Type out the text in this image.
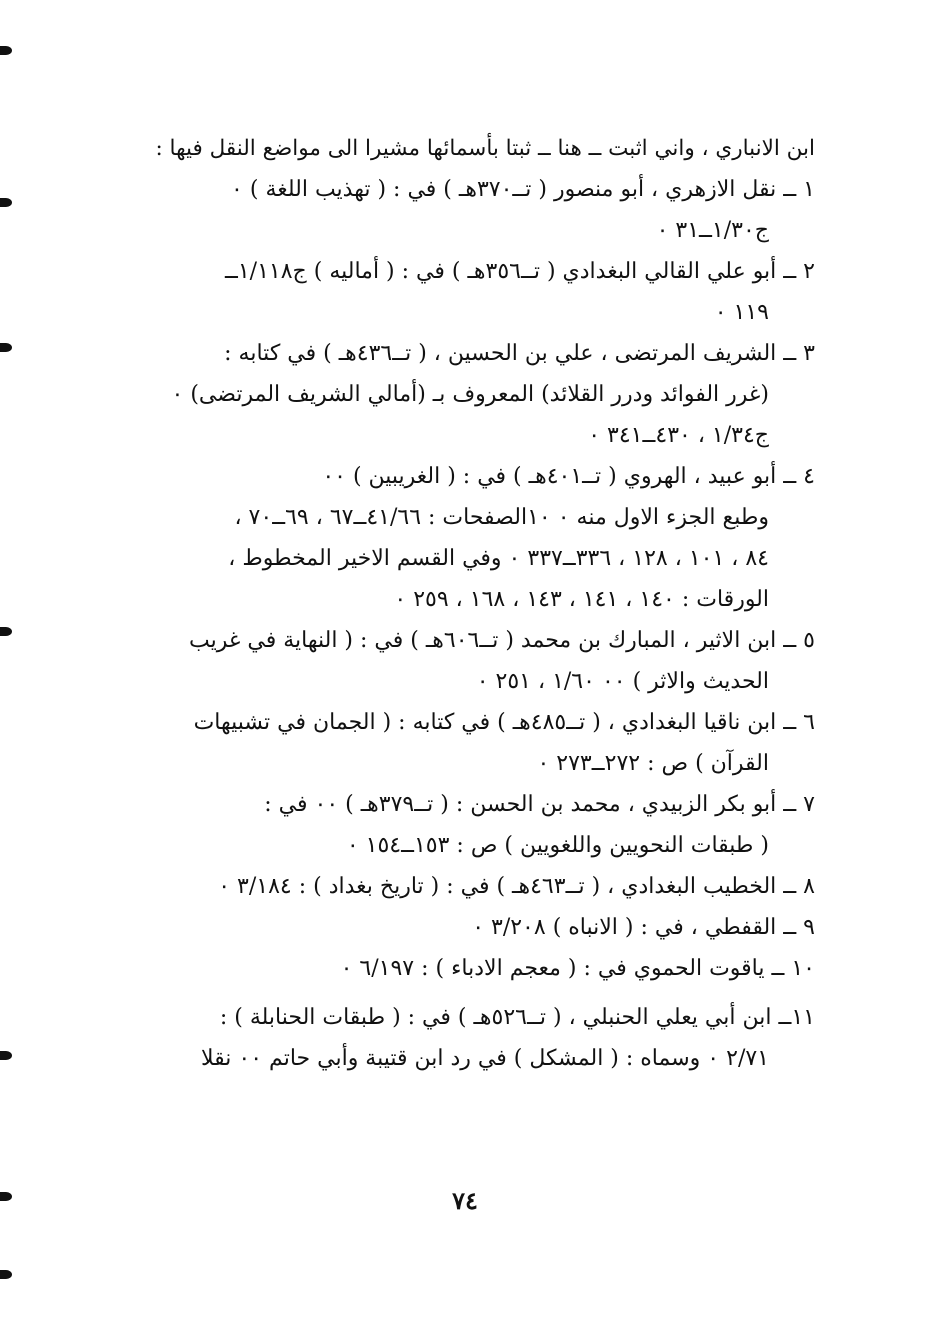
ابن الانباري ، واني اثبت ــ هنا ــ ثبتا بأسمائها مشيرا الى مواضع النقل فيها :
١ ــ نقل الازهري ، أبو منصور ( تــ٣٧٠هـ ) في : ( تهذيب اللغة ) ٠
ج١/٣٠ــ٣١ ٠
٢ ــ أبو علي القالي البغدادي ( تــ٣٥٦هـ ) في : ( أماليه ) ج١/١١٨ــ
١١٩ ٠
٣ ــ الشريف المرتضى ، علي بن الحسين ، ( تــ٤٣٦هـ ) في كتابه :
(غرر الفوائد ودرر القلائد) المعروف بـ (أمالي الشريف المرتضى) ٠
ج١/٣٤ ، ٤٣٠ــ٣٤١ ٠
٤ ــ أبو عبيد ، الهروي ( تــ٤٠١هـ ) في : ( الغريبين ) ٠٠
وطبع الجزء الاول منه ٠ ١٠الصفحات : ٤١/٦٦ــ٦٧ ، ٦٩ــ٧٠ ،
٨٤ ، ١٠١ ، ١٢٨ ، ٣٣٦ــ٣٣٧ ٠ وفي القسم الاخير المخطوط ،
الورقات : ١٤٠ ، ١٤١ ، ١٤٣ ، ١٦٨ ، ٢٥٩ ٠
٥ ــ ابن الاثير ، المبارك بن محمد ( تــ٦٠٦هـ ) في : ( النهاية في غريب
الحديث والاثر ) ٠٠ ١/٦٠ ، ٢٥١ ٠
٦ ــ ابن ناقيا البغدادي ، ( تــ٤٨٥هـ ) في كتابه : ( الجمان في تشبيهات
القرآن ) ص : ٢٧٢ــ٢٧٣ ٠
٧ ــ أبو بكر الزبيدي ، محمد بن الحسن : ( تــ٣٧٩هـ ) ٠٠ في :
( طبقات النحويين واللغويين ) ص : ١٥٣ــ١٥٤ ٠
٨ ــ الخطيب البغدادي ، ( تــ٤٦٣هـ ) في : ( تاريخ بغداد ) : ٣/١٨٤ ٠
٩ ــ القفطي ، في : ( الانباه ) ٣/٢٠٨ ٠
١٠ ــ ياقوت الحموي في : ( معجم الادباء ) : ٦/١٩٧ ٠
١١ــ ابن أبي يعلي الحنبلي ، ( تــ٥٢٦هـ ) في : ( طبقات الحنابلة ) :
٢/٧١ ٠ وسماه : ( المشكل ) في رد ابن قتيبة وأبي حاتم ٠٠ نقلا
٧٤
